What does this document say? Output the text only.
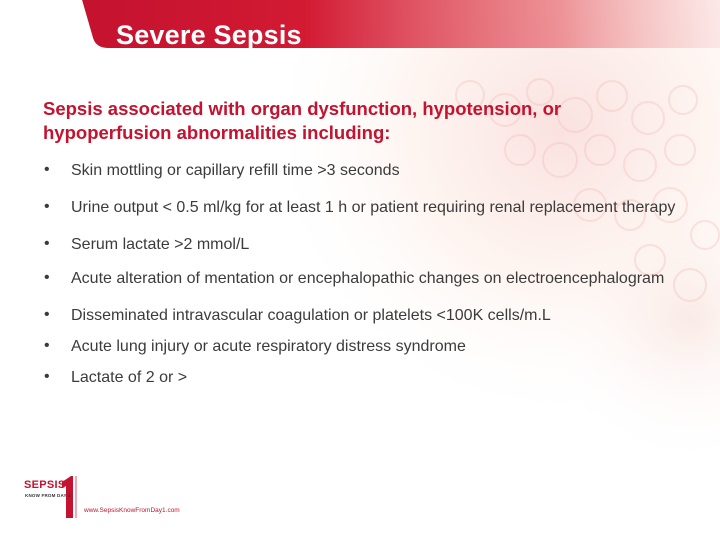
Severe Sepsis

Sepsis associated with organ dysfunction, hypotension, or hypoperfusion abnormalities including:

• Skin mottling or capillary refill time >3 seconds
• Urine output < 0.5 ml/kg for at least 1 h or patient requiring renal replacement therapy
• Serum lactate >2 mmol/L
• Acute alteration of mentation or encephalopathic changes on electroencephalogram
• Disseminated intravascular coagulation or platelets <100K cells/m.L
• Acute lung injury or acute respiratory distress syndrome
• Lactate of 2 or >
SEPSIS
KNOW FROM DAY 1
www.SepsisKnowFromDay1.com
